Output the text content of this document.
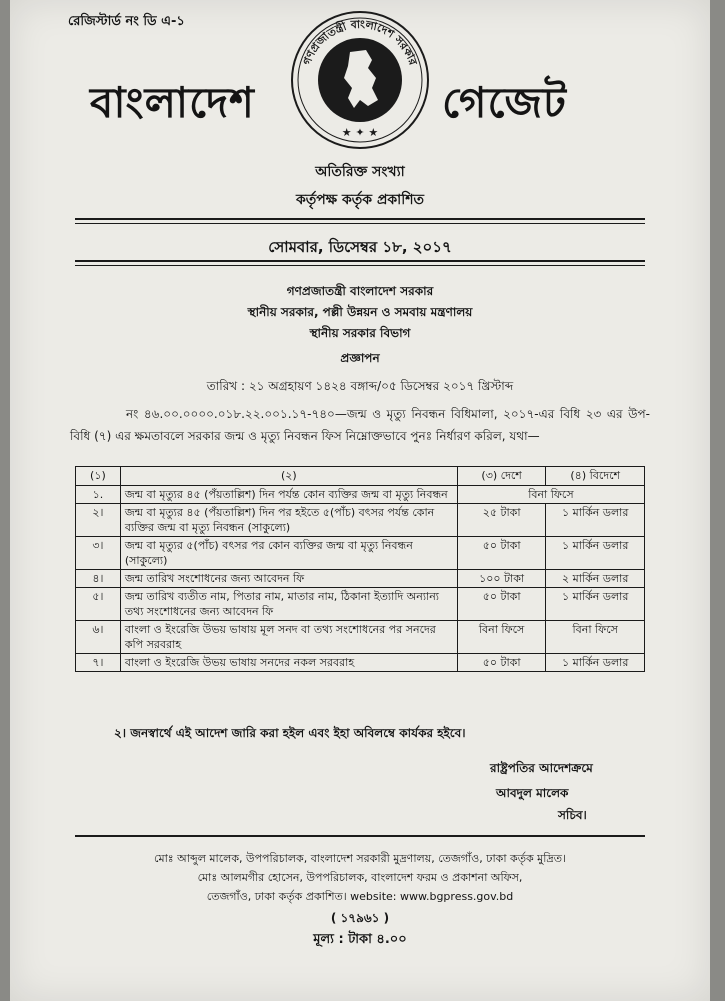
রেজিস্টার্ড নং ডি এ-১
বাংলাদেশ
গণপ্রজাতন্ত্রী বাংলাদেশ সরকার
★ ✦ ★
গেজেট
অতিরিক্ত সংখ্যা
কর্তৃপক্ষ কর্তৃক প্রকাশিত
সোমবার, ডিসেম্বর ১৮, ২০১৭
গণপ্রজাতন্ত্রী বাংলাদেশ সরকার
স্থানীয় সরকার, পল্লী উন্নয়ন ও সমবায় মন্ত্রণালয়
স্থানীয় সরকার বিভাগ
প্রজ্ঞাপন
তারিখ : ২১ অগ্রহায়ণ ১৪২৪ বঙ্গাব্দ/০৫ ডিসেম্বর ২০১৭ খ্রিস্টাব্দ
নং ৪৬.০০.০০০০.০১৮.২২.০০১.১৭-৭৪০—জন্ম ও মৃত্যু নিবন্ধন বিধিমালা, ২০১৭-এর বিধি ২৩ এর উপ-বিধি (৭) এর ক্ষমতাবলে সরকার জন্ম ও মৃত্যু নিবন্ধন ফিস নিম্নোক্তভাবে পুনঃ নির্ধারণ করিল, যথা—
(১)	(২)	(৩) দেশে	(৪) বিদেশে
১.	জন্ম বা মৃত্যুর ৪৫ (পঁয়তাল্লিশ) দিন পর্যন্ত কোন ব্যক্তির জন্ম বা মৃত্যু নিবন্ধন	বিনা ফিসে	
২।	জন্ম বা মৃত্যুর ৪৫ (পঁয়তাল্লিশ) দিন পর হইতে ৫(পাঁচ) বৎসর পর্যন্ত কোন ব্যক্তির জন্ম বা মৃত্যু নিবন্ধন (সাকুল্যে)	২৫ টাকা	১ মার্কিন ডলার
৩।	জন্ম বা মৃত্যুর ৫(পাঁচ) বৎসর পর কোন ব্যক্তির জন্ম বা মৃত্যু নিবন্ধন (সাকুল্যে)	৫০ টাকা	১ মার্কিন ডলার
৪।	জন্ম তারিখ সংশোধনের জন্য আবেদন ফি	১০০ টাকা	২ মার্কিন ডলার
৫।	জন্ম তারিখ ব্যতীত নাম, পিতার নাম, মাতার নাম, ঠিকানা ইত্যাদি অন্যান্য তথ্য সংশোধনের জন্য আবেদন ফি	৫০ টাকা	১ মার্কিন ডলার
৬।	বাংলা ও ইংরেজি উভয় ভাষায় মূল সনদ বা তথ্য সংশোধনের পর সনদের কপি সরবরাহ	বিনা ফিসে	বিনা ফিসে
৭।	বাংলা ও ইংরেজি উভয় ভাষায় সনদের নকল সরবরাহ	৫০ টাকা	১ মার্কিন ডলার
২। জনস্বার্থে এই আদেশ জারি করা হইল এবং ইহা অবিলম্বে কার্যকর হইবে।
রাষ্ট্রপতির আদেশক্রমে
আবদুল মালেক
সচিব।
মোঃ আব্দুল মালেক, উপপরিচালক, বাংলাদেশ সরকারী মুদ্রণালয়, তেজগাঁও, ঢাকা কর্তৃক মুদ্রিত।
মোঃ আলমগীর হোসেন, উপপরিচালক, বাংলাদেশ ফরম ও প্রকাশনা অফিস,
তেজগাঁও, ঢাকা কর্তৃক প্রকাশিত। website: www.bgpress.gov.bd
( ১৭৯৬১ )
মূল্য : টাকা ৪.০০
